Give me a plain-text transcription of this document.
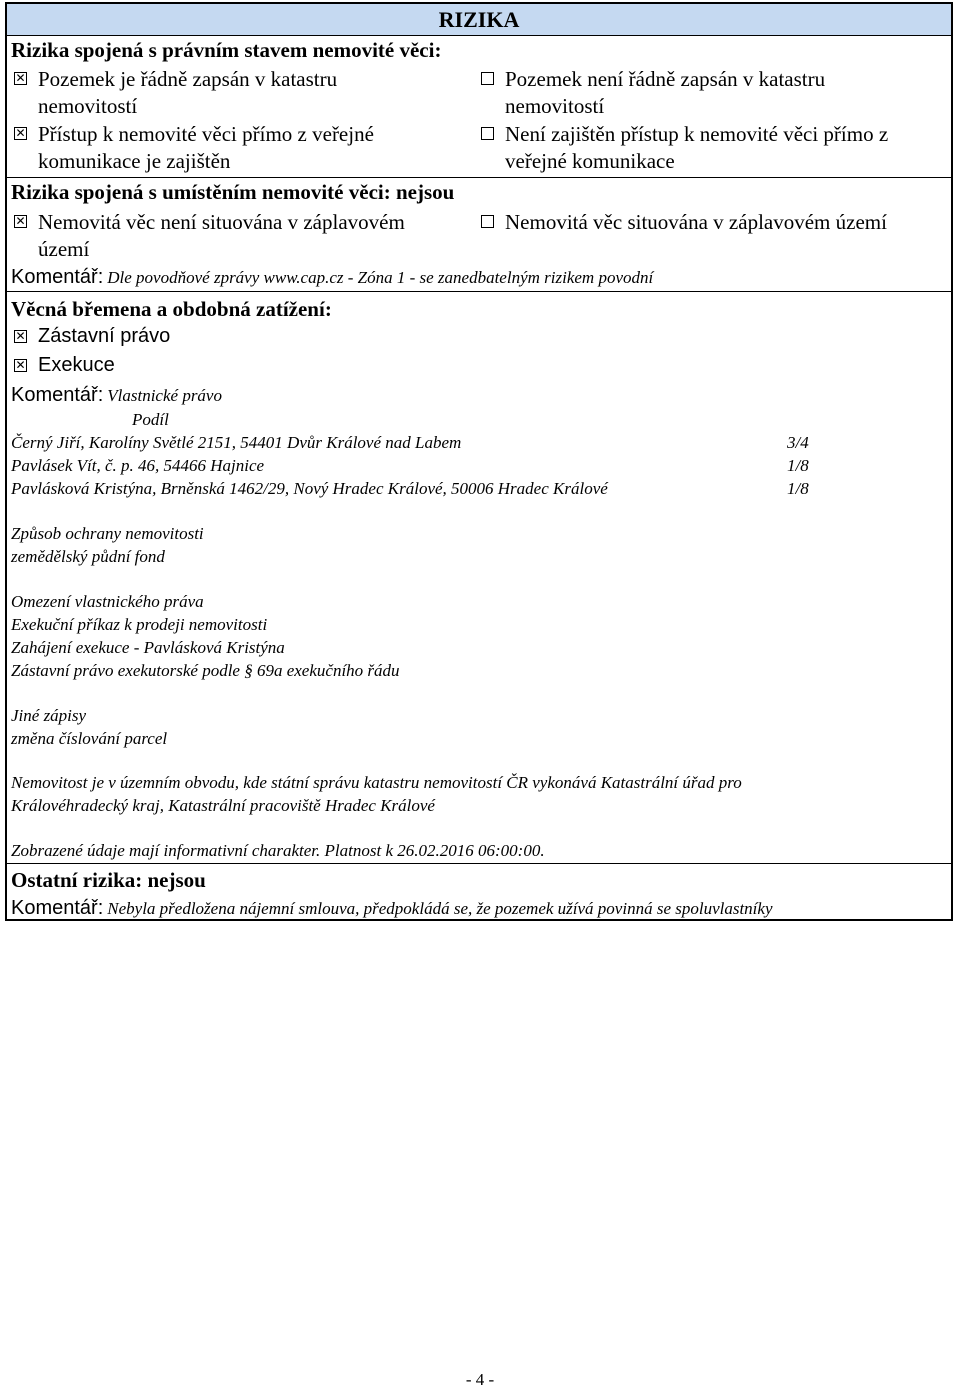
RIZIKA
Rizika spojená s právním stavem nemovité věci:
✕ Pozemek je řádně zapsán v katastru
nemovitostí
Pozemek není řádně zapsán v katastru
nemovitostí
✕ Přístup k nemovité věci přímo z veřejné
komunikace je zajištěn
Není zajištěn přístup k nemovité věci přímo z
veřejné komunikace
Rizika spojená s umístěním nemovité věci: nejsou
✕ Nemovitá věc není situována v záplavovém
území
Nemovitá věc situována v záplavovém území
Komentář: Dle povodňové zprávy www.cap.cz - Zóna 1 - se zanedbatelným rizikem povodní
Věcná břemena a obdobná zatížení:
✕ Zástavní právo
✕ Exekuce
Komentář: Vlastnické právo
Podíl
Černý Jiří, Karolíny Světlé 2151, 54401 Dvůr Králové nad Labem	3/4
Pavlásek Vít, č. p. 46, 54466 Hajnice	1/8
Pavlásková Kristýna, Brněnská 1462/29, Nový Hradec Králové, 50006 Hradec Králové	1/8
Způsob ochrany nemovitosti
zemědělský půdní fond
Omezení vlastnického práva
Exekuční příkaz k prodeji nemovitosti
Zahájení exekuce - Pavlásková Kristýna
Zástavní právo exekutorské podle § 69a exekučního řádu
Jiné zápisy
změna číslování parcel
Nemovitost je v územním obvodu, kde státní správu katastru nemovitostí ČR vykonává Katastrální úřad pro
Královéhradecký kraj, Katastrální pracoviště Hradec Králové
Zobrazené údaje mají informativní charakter. Platnost k 26.02.2016 06:00:00.
Ostatní rizika: nejsou
Komentář: Nebyla předložena nájemní smlouva, předpokládá se, že pozemek užívá povinná se spoluvlastníky
- 4 -
